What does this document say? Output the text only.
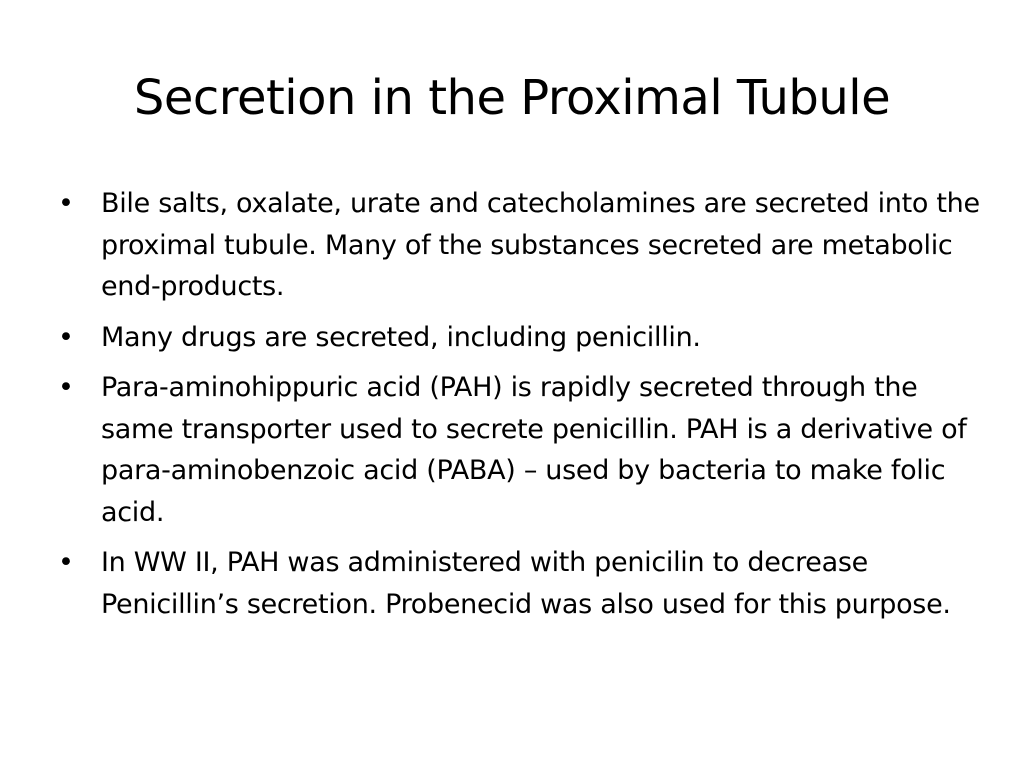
Secretion in the Proximal Tubule
• Bile salts, oxalate, urate and catecholamines are secreted into the proximal tubule. Many of the substances secreted are metabolic end-products.
• Many drugs are secreted, including penicillin.
• Para-aminohippuric acid (PAH) is rapidly secreted through the same transporter used to secrete penicillin. PAH is a derivative of para-aminobenzoic acid (PABA) – used by bacteria to make folic acid.
• In WW II, PAH was administered with penicilin to decrease Penicillin’s secretion. Probenecid was also used for this purpose.
